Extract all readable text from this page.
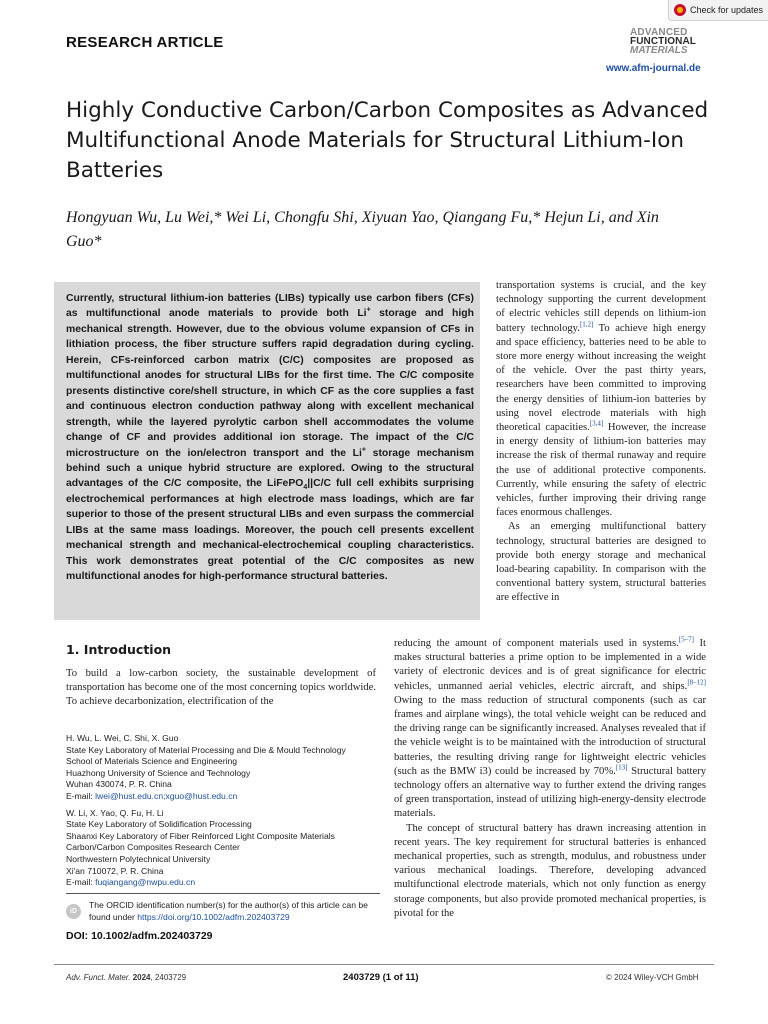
Check for updates
RESEARCH ARTICLE
ADVANCED
FUNCTIONAL
MATERIALS
www.afm-journal.de
Highly Conductive Carbon/Carbon Composites as Advanced Multifunctional Anode Materials for Structural Lithium-Ion Batteries
Hongyuan Wu, Lu Wei,* Wei Li, Chongfu Shi, Xiyuan Yao, Qiangang Fu,* Hejun Li, and Xin Guo*
Currently, structural lithium-ion batteries (LIBs) typically use carbon fibers (CFs) as multifunctional anode materials to provide both Li+ storage and high mechanical strength. However, due to the obvious volume expansion of CFs in lithiation process, the fiber structure suffers rapid degradation during cycling. Herein, CFs-reinforced carbon matrix (C/C) composites are proposed as multifunctional anodes for structural LIBs for the first time. The C/C composite presents distinctive core/shell structure, in which CF as the core supplies a fast and continuous electron conduction pathway along with excellent mechanical strength, while the layered pyrolytic carbon shell accommodates the volume change of CF and provides additional ion storage. The impact of the C/C microstructure on the ion/electron transport and the Li+ storage mechanism behind such a unique hybrid structure are explored. Owing to the structural advantages of the C/C composite, the LiFePO$_4$||C/C full cell exhibits surprising electrochemical performances at high electrode mass loadings, which are far superior to those of the present structural LIBs and even surpass the commercial LIBs at the same mass loadings. Moreover, the pouch cell presents excellent mechanical strength and mechanical-electrochemical coupling characteristics. This work demonstrates great potential of the C/C composites as new multifunctional anodes for high-performance structural batteries.

transportation systems is crucial, and the key technology supporting the current development of electric vehicles still depends on lithium-ion battery technology.[1,2] To achieve high energy and space efficiency, batteries need to be able to store more energy without increasing the weight of the vehicle. Over the past thirty years, researchers have been committed to improving the energy densities of lithium-ion batteries by using novel electrode materials with high theoretical capacities.[3,4] However, the increase in energy density of lithium-ion batteries may increase the risk of thermal runaway and require the use of additional protective components. Currently, while ensuring the safety of electric vehicles, further improving their driving range faces enormous challenges.

As an emerging multifunctional battery technology, structural batteries are designed to provide both energy storage and mechanical load-bearing capability. In comparison with the conventional battery system, structural batteries are effective in

reducing the amount of component materials used in systems.[5–7] It makes structural batteries a prime option to be implemented in a wide variety of electronic devices and is of great significance for electric vehicles, unmanned aerial vehicles, electric aircraft, and ships.[8–12] Owing to the mass reduction of structural components (such as car frames and airplane wings), the total vehicle weight can be reduced and the driving range can be significantly increased. Analyses revealed that if the vehicle weight is to be maintained with the introduction of structural batteries, the resulting driving range for lightweight electric vehicles (such as the BMW i3) could be increased by 70%.[13] Structural battery technology offers an alternative way to further extend the driving ranges of green transportation, instead of utilizing high-energy-density electrode materials.

The concept of structural battery has drawn increasing attention in recent years. The key requirement for structural batteries is enhanced mechanical properties, such as strength, modulus, and robustness under various mechanical loadings. Therefore, developing advanced multifunctional electrode materials, which not only function as energy storage components, but also provide promoted mechanical properties, is pivotal for the

1. Introduction
To build a low-carbon society, the sustainable development of transportation has become one of the most concerning topics worldwide. To achieve decarbonization, electrification of the
H. Wu, L. Wei, C. Shi, X. Guo
State Key Laboratory of Material Processing and Die & Mould Technology
School of Materials Science and Engineering
Huazhong University of Science and Technology
Wuhan 430074, P. R. China
E-mail: lwei@hust.edu.cn;xguo@hust.edu.cn
W. Li, X. Yao, Q. Fu, H. Li
State Key Laboratory of Solidification Processing
Shaanxi Key Laboratory of Fiber Reinforced Light Composite Materials
Carbon/Carbon Composites Research Center
Northwestern Polytechnical University
Xi'an 710072, P. R. China
E-mail: fuqiangang@nwpu.edu.cn
iD
The ORCID identification number(s) for the author(s) of this article can be found under https://doi.org/10.1002/adfm.202403729
DOI: 10.1002/adfm.202403729
Adv. Funct. Mater. 2024, 2403729	2403729 (1 of 11)	© 2024 Wiley-VCH GmbH
